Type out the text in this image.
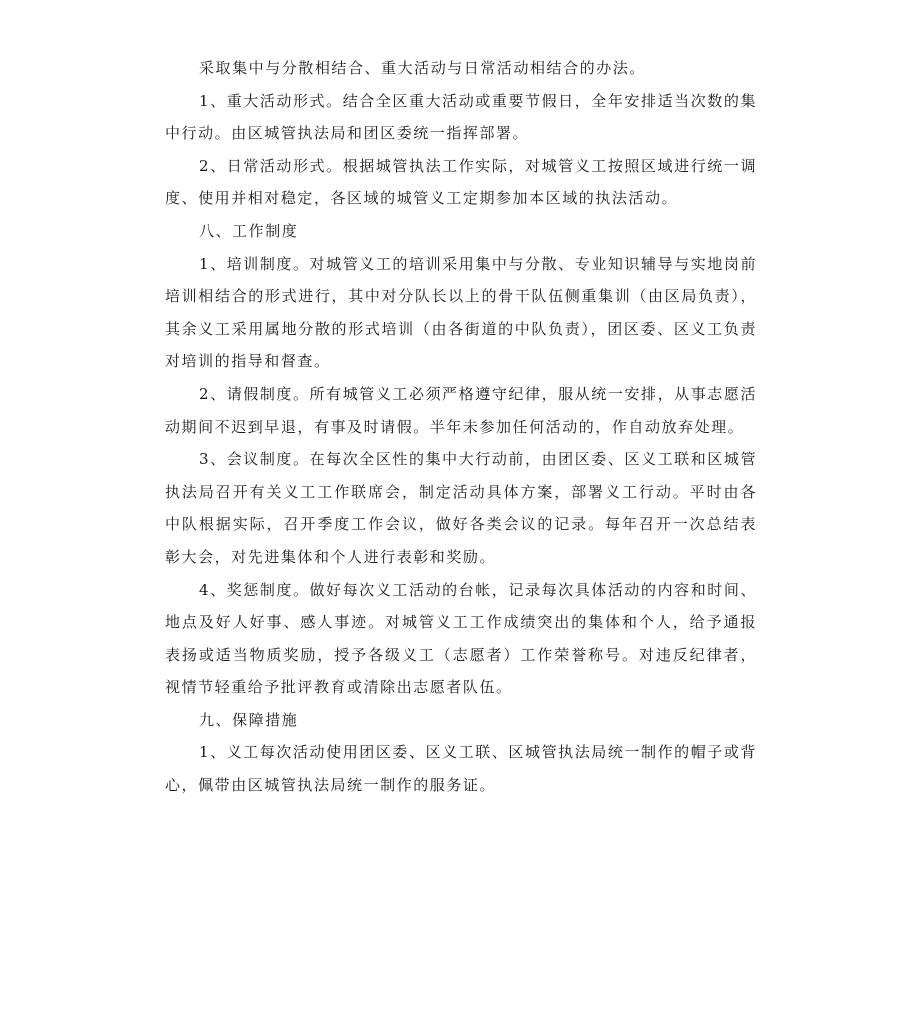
采取集中与分散相结合、重大活动与日常活动相结合的办法。

1、重大活动形式。结合全区重大活动或重要节假日，全年安排适当次数的集中行动。由区城管执法局和团区委统一指挥部署。

2、日常活动形式。根据城管执法工作实际，对城管义工按照区域进行统一调度、使用并相对稳定，各区域的城管义工定期参加本区域的执法活动。

八、工作制度

1、培训制度。对城管义工的培训采用集中与分散、专业知识辅导与实地岗前培训相结合的形式进行，其中对分队长以上的骨干队伍侧重集训（由区局负责），其余义工采用属地分散的形式培训（由各街道的中队负责），团区委、区义工负责对培训的指导和督查。

2、请假制度。所有城管义工必须严格遵守纪律，服从统一安排，从事志愿活动期间不迟到早退，有事及时请假。半年未参加任何活动的，作自动放弃处理。

3、会议制度。在每次全区性的集中大行动前，由团区委、区义工联和区城管执法局召开有关义工工作联席会，制定活动具体方案，部署义工行动。平时由各中队根据实际，召开季度工作会议，做好各类会议的记录。每年召开一次总结表彰大会，对先进集体和个人进行表彰和奖励。

4、奖惩制度。做好每次义工活动的台帐，记录每次具体活动的内容和时间、地点及好人好事、感人事迹。对城管义工工作成绩突出的集体和个人，给予通报表扬或适当物质奖励，授予各级义工（志愿者）工作荣誉称号。对违反纪律者，视情节轻重给予批评教育或清除出志愿者队伍。

九、保障措施

1、义工每次活动使用团区委、区义工联、区城管执法局统一制作的帽子或背心，佩带由区城管执法局统一制作的服务证。
